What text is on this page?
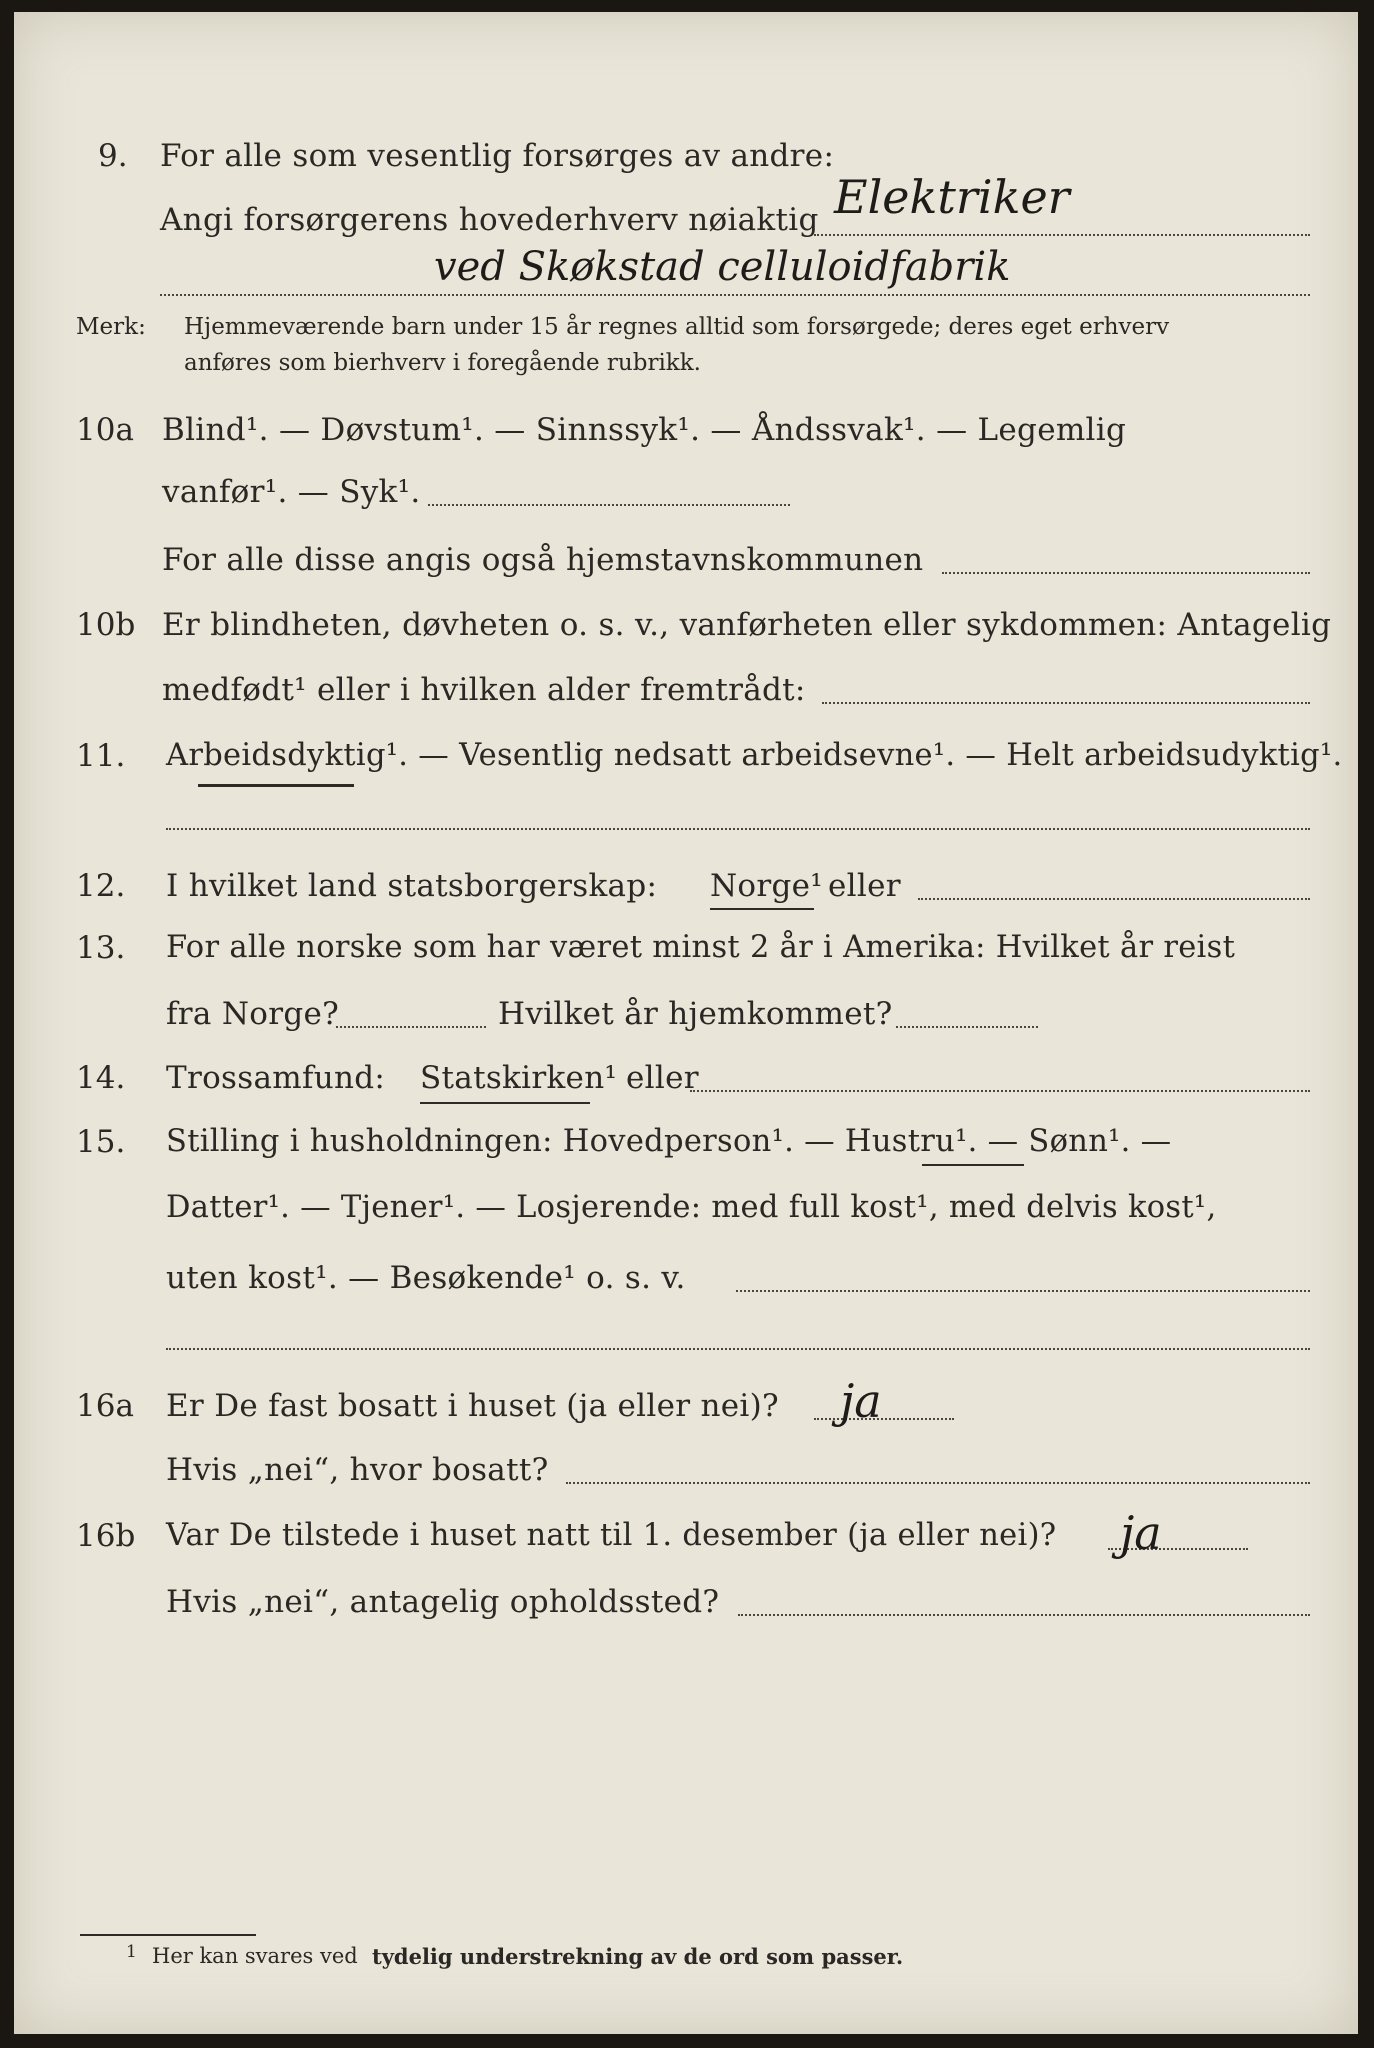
9. For alle som vesentlig forsørges av andre:
Angi forsørgerens hovederhverv nøiaktig Elektriker
ved Skøkstad celluloidfabrik
Merk: Hjemmeværende barn under 15 år regnes alltid som forsørgede; deres eget erhverv
anføres som bierhverv i foregående rubrikk.
10a Blind¹. — Døvstum¹. — Sinnssyk¹. — Åndssvak¹. — Legemlig
vanfør¹. — Syk¹.
For alle disse angis også hjemstavnskommunen
10b Er blindheten, døvheten o. s. v., vanførheten eller sykdommen: Antagelig
medfødt¹ eller i hvilken alder fremtrådt:
11. Arbeidsdyktig¹. — Vesentlig nedsatt arbeidsevne¹. — Helt arbeidsudyktig¹.
12. I hvilket land statsborgerskap: Norge¹ eller
13. For alle norske som har været minst 2 år i Amerika: Hvilket år reist
fra Norge?	Hvilket år hjemkommet?
14. Trossamfund: Statskirken¹ eller
15. Stilling i husholdningen: Hovedperson¹. — Hustru¹. — Sønn¹. —
Datter¹. — Tjener¹. — Losjerende: med full kost¹, med delvis kost¹,
uten kost¹. — Besøkende¹ o. s. v.
16a Er De fast bosatt i huset (ja eller nei)? ja
Hvis „nei“, hvor bosatt?
16b Var De tilstede i huset natt til 1. desember (ja eller nei)? ja
Hvis „nei“, antagelig opholdssted?
1 Her kan svares ved tydelig understrekning av de ord som passer.
